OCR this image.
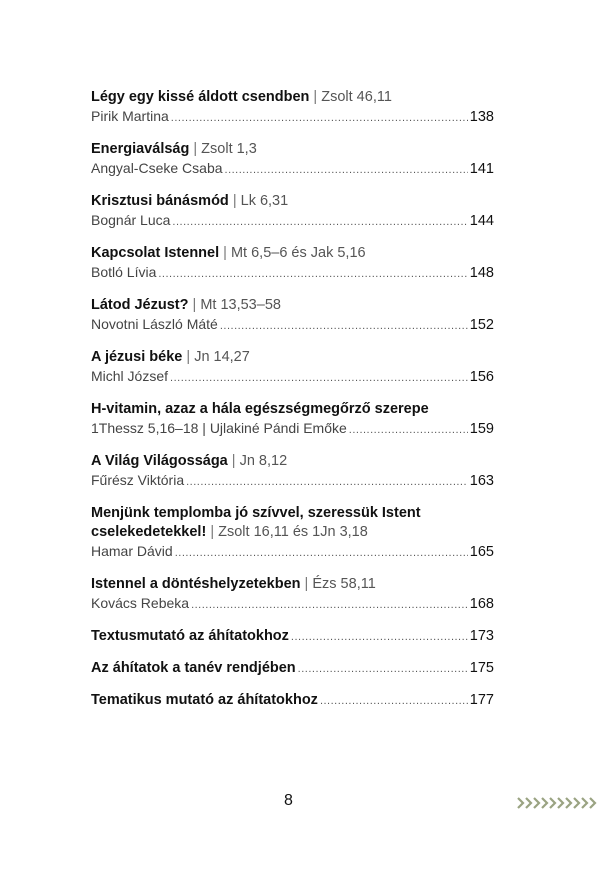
Légy egy kissé áldott csendben | Zsolt 46,11
Pirik Martina .....	138
Energiaválság | Zsolt 1,3
Angyal-Cseke Csaba .....	141
Krisztusi bánásmód | Lk 6,31
Bognár Luca .....	144
Kapcsolat Istennel | Mt 6,5–6 és Jak 5,16
Botló Lívia .....	148
Látod Jézust? | Mt 13,53–58
Novotni László Máté .....	152
A jézusi béke | Jn 14,27
Michl József .....	156
H-vitamin, azaz a hála egészségmegőrző szerepe
1Thessz 5,16–18 | Ujlakiné Pándi Emőke .....	159
A Világ Világossága | Jn 8,12
Fűrész Viktória .....	163
Menjünk templomba jó szívvel, szeressük Istent
cselekedetekkel! | Zsolt 16,11 és 1Jn 3,18
Hamar Dávid .....	165
Istennel a döntéshelyzetekben | Ézs 58,11
Kovács Rebeka .....	168
Textusmutató az áhítatokhoz .....	173
Az áhítatok a tanév rendjében .....	175
Tematikus mutató az áhítatokhoz .....	177
8
